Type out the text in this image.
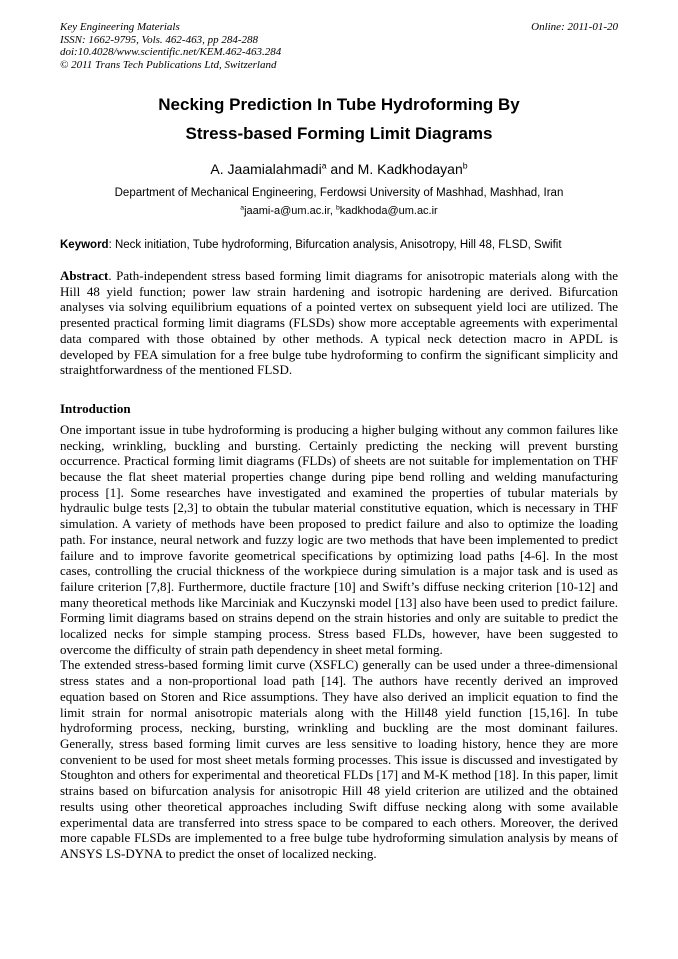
Key Engineering Materials
ISSN: 1662-9795, Vols. 462-463, pp 284-288
doi:10.4028/www.scientific.net/KEM.462-463.284
© 2011 Trans Tech Publications Ltd, Switzerland
Online: 2011-01-20
Necking Prediction In Tube Hydroforming By
Stress-based Forming Limit Diagrams
A. Jaamialahmadi$^a$ and M. Kadkhodayan$^b$
Department of Mechanical Engineering, Ferdowsi University of Mashhad, Mashhad, Iran
$^a$jaami-a@um.ac.ir, $^b$kadkhoda@um.ac.ir
Keyword: Neck initiation, Tube hydroforming, Bifurcation analysis, Anisotropy, Hill 48, FLSD, Swifit

Abstract. Path-independent stress based forming limit diagrams for anisotropic materials along with the Hill 48 yield function; power law strain hardening and isotropic hardening are derived. Bifurcation analyses via solving equilibrium equations of a pointed vertex on subsequent yield loci are utilized. The presented practical forming limit diagrams (FLSDs) show more acceptable agreements with experimental data compared with those obtained by other methods. A typical neck detection macro in APDL is developed by FEA simulation for a free bulge tube hydroforming to confirm the significant simplicity and straightforwardness of the mentioned FLSD.

Introduction

One important issue in tube hydroforming is producing a higher bulging without any common failures like necking, wrinkling, buckling and bursting. Certainly predicting the necking will prevent bursting occurrence. Practical forming limit diagrams (FLDs) of sheets are not suitable for implementation on THF because the flat sheet material properties change during pipe bend rolling and welding manufacturing process [1]. Some researches have investigated and examined the properties of tubular materials by hydraulic bulge tests [2,3] to obtain the tubular material constitutive equation, which is necessary in THF simulation. A variety of methods have been proposed to predict failure and also to optimize the loading path. For instance, neural network and fuzzy logic are two methods that have been implemented to predict failure and to improve favorite geometrical specifications by optimizing load paths [4-6]. In the most cases, controlling the crucial thickness of the workpiece during simulation is a major task and is used as failure criterion [7,8]. Furthermore, ductile fracture [10] and Swift’s diffuse necking criterion [10-12] and many theoretical methods like Marciniak and Kuczynski model [13] also have been used to predict failure. Forming limit diagrams based on strains depend on the strain histories and only are suitable to predict the localized necks for simple stamping process. Stress based FLDs, however, have been suggested to overcome the difficulty of strain path dependency in sheet metal forming.

The extended stress-based forming limit curve (XSFLC) generally can be used under a three-dimensional stress states and a non-proportional load path [14]. The authors have recently derived an improved equation based on Storen and Rice assumptions. They have also derived an implicit equation to find the limit strain for normal anisotropic materials along with the Hill48 yield function [15,16]. In tube hydroforming process, necking, bursting, wrinkling and buckling are the most dominant failures. Generally, stress based forming limit curves are less sensitive to loading history, hence they are more convenient to be used for most sheet metals forming processes. This issue is discussed and investigated by Stoughton and others for experimental and theoretical FLDs [17] and M-K method [18]. In this paper, limit strains based on bifurcation analysis for anisotropic Hill 48 yield criterion are utilized and the obtained results using other theoretical approaches including Swift diffuse necking along with some available experimental data are transferred into stress space to be compared to each others. Moreover, the derived more capable FLSDs are implemented to a free bulge tube hydroforming simulation analysis by means of ANSYS LS-DYNA to predict the onset of localized necking.
